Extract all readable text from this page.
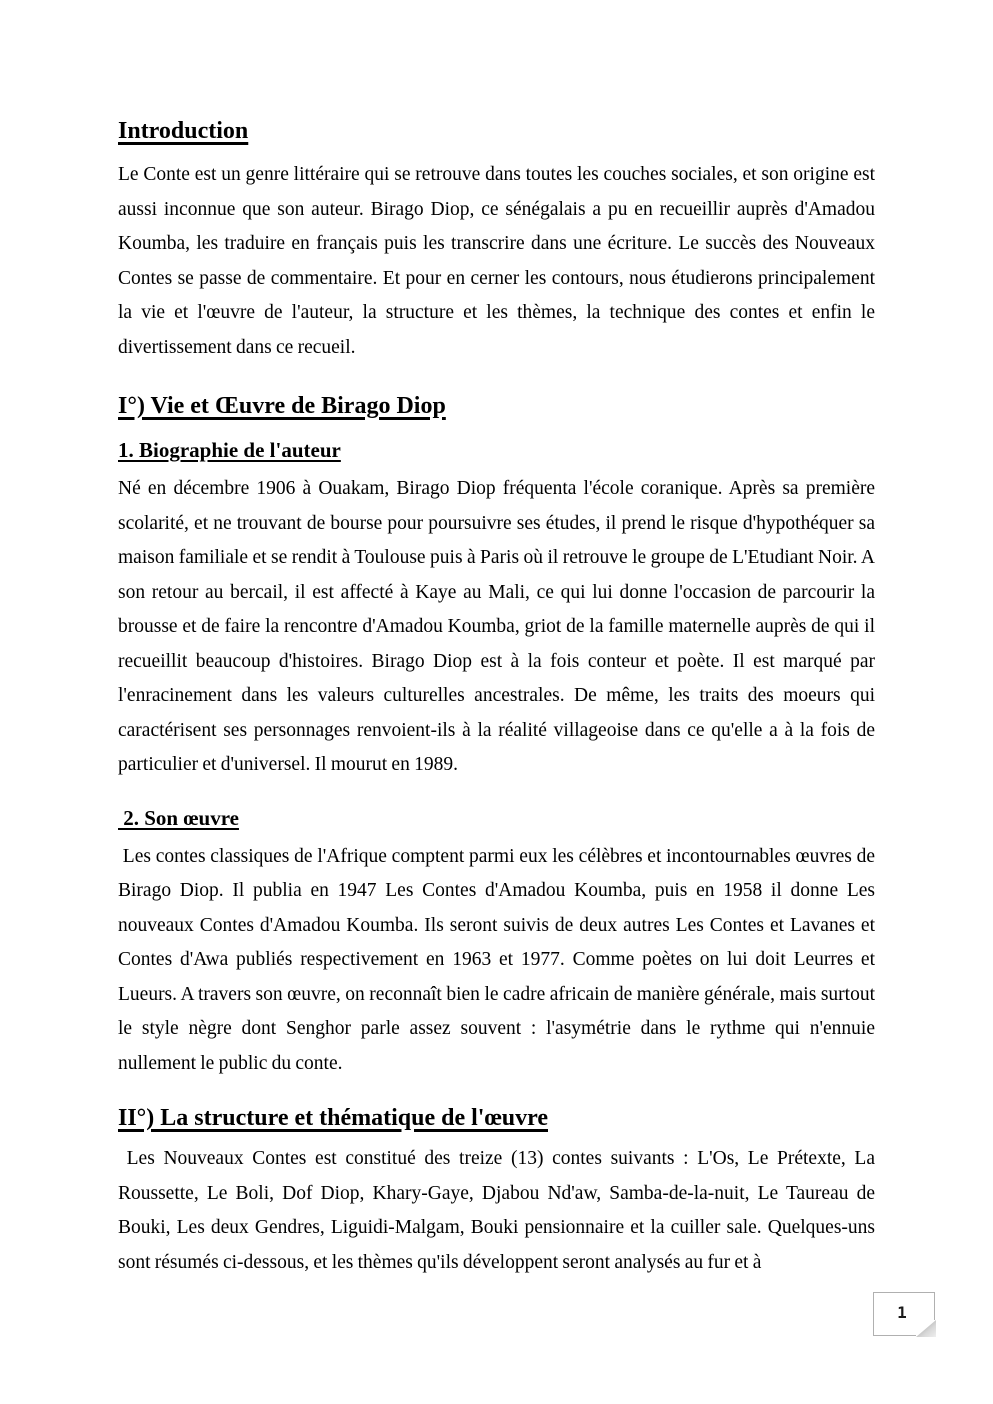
Introduction

Le Conte est un genre littéraire qui se retrouve dans toutes les couches sociales, et son origine est aussi inconnue que son auteur. Birago Diop, ce sénégalais a pu en recueillir auprès d'Amadou Koumba, les traduire en français puis les transcrire dans une écriture. Le succès des Nouveaux Contes se passe de commentaire. Et pour en cerner les contours, nous étudierons principalement la vie et l'œuvre de l'auteur, la structure et les thèmes, la technique des contes et enfin le divertissement dans ce recueil.

I°) Vie et Œuvre de Birago Diop
1. Biographie de l'auteur

Né en décembre 1906 à Ouakam, Birago Diop fréquenta l'école coranique. Après sa première scolarité, et ne trouvant de bourse pour poursuivre ses études, il prend le risque d'hypothéquer sa maison familiale et se rendit à Toulouse puis à Paris où il retrouve le groupe de L'Etudiant Noir. A son retour au bercail, il est affecté à Kaye au Mali, ce qui lui donne l'occasion de parcourir la brousse et de faire la rencontre d'Amadou Koumba, griot de la famille maternelle auprès de qui il recueillit beaucoup d'histoires. Birago Diop est à la fois conteur et poète. Il est marqué par l'enracinement dans les valeurs culturelles ancestrales. De même, les traits des moeurs qui caractérisent ses personnages renvoient-ils à la réalité villageoise dans ce qu'elle a à la fois de particulier et d'universel. Il mourut en 1989.

2. Son œuvre

Les contes classiques de l'Afrique comptent parmi eux les célèbres et incontournables œuvres de Birago Diop. Il publia en 1947 Les Contes d'Amadou Koumba, puis en 1958 il donne Les nouveaux Contes d'Amadou Koumba. Ils seront suivis de deux autres Les Contes et Lavanes et Contes d'Awa publiés respectivement en 1963 et 1977. Comme poètes on lui doit Leurres et Lueurs. A travers son œuvre, on reconnaît bien le cadre africain de manière générale, mais surtout le style nègre dont Senghor parle assez souvent : l'asymétrie dans le rythme qui n'ennuie nullement le public du conte.

II°) La structure et thématique de l'œuvre

Les Nouveaux Contes est constitué des treize (13) contes suivants : L'Os, Le Prétexte, La Roussette, Le Boli, Dof Diop, Khary-Gaye, Djabou Nd'aw, Samba-de-la-nuit, Le Taureau de Bouki, Les deux Gendres, Liguidi-Malgam, Bouki pensionnaire et la cuiller sale. Quelques-uns sont résumés ci-dessous, et les thèmes qu'ils développent seront analysés au fur et à

1
